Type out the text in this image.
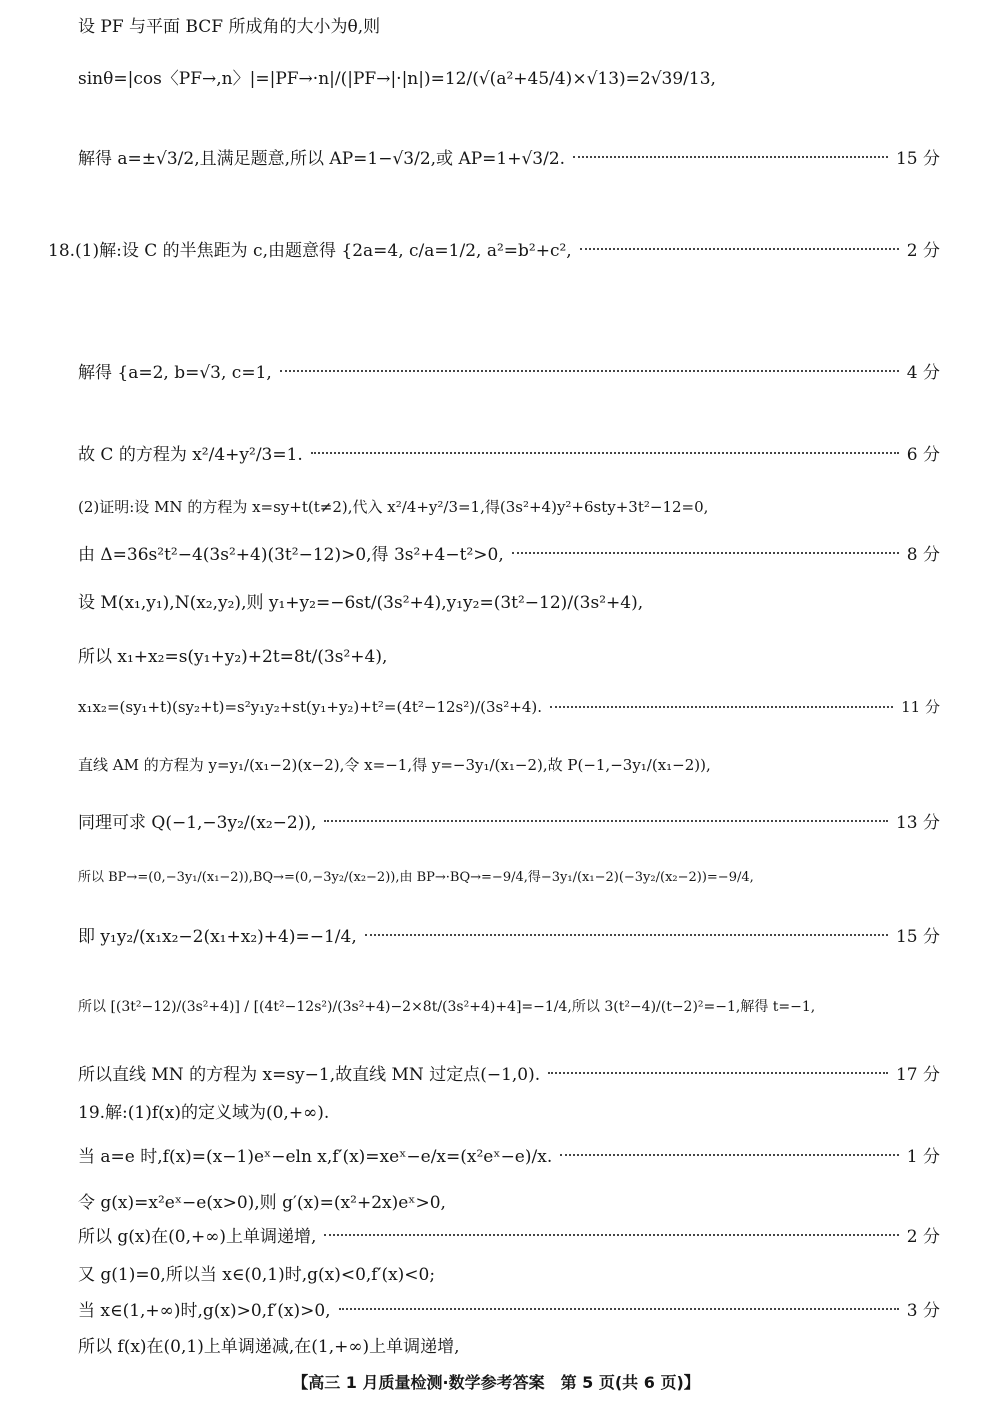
设 PF 与平面 BCF 所成角的大小为θ,则
sinθ=|cos〈PF→,n〉|=|PF→·n|/(|PF→|·|n|)=12/(√(a²+45/4)×√13)=2√39/13,
解得 a=±√3/2,且满足题意,所以 AP=1−√3/2,或 AP=1+√3/2.	15 分
18.(1)解:设 C 的半焦距为 c,由题意得 {2a=4, c/a=1/2, a²=b²+c²,	2 分
解得 {a=2, b=√3, c=1,	4 分
故 C 的方程为 x²/4+y²/3=1.	6 分
(2)证明:设 MN 的方程为 x=sy+t(t≠2),代入 x²/4+y²/3=1,得(3s²+4)y²+6sty+3t²−12=0,
由 Δ=36s²t²−4(3s²+4)(3t²−12)>0,得 3s²+4−t²>0,	8 分
设 M(x₁,y₁),N(x₂,y₂),则 y₁+y₂=−6st/(3s²+4),y₁y₂=(3t²−12)/(3s²+4),
所以 x₁+x₂=s(y₁+y₂)+2t=8t/(3s²+4),
x₁x₂=(sy₁+t)(sy₂+t)=s²y₁y₂+st(y₁+y₂)+t²=(4t²−12s²)/(3s²+4).	11 分
直线 AM 的方程为 y=y₁/(x₁−2)(x−2),令 x=−1,得 y=−3y₁/(x₁−2),故 P(−1,−3y₁/(x₁−2)),
同理可求 Q(−1,−3y₂/(x₂−2)),	13 分
所以 BP→=(0,−3y₁/(x₁−2)),BQ→=(0,−3y₂/(x₂−2)),由 BP→·BQ→=−9/4,得−3y₁/(x₁−2)(−3y₂/(x₂−2))=−9/4,
即 y₁y₂/(x₁x₂−2(x₁+x₂)+4)=−1/4,	15 分
所以 [(3t²−12)/(3s²+4)] / [(4t²−12s²)/(3s²+4)−2×8t/(3s²+4)+4]=−1/4,所以 3(t²−4)/(t−2)²=−1,解得 t=−1,
所以直线 MN 的方程为 x=sy−1,故直线 MN 过定点(−1,0).	17 分
19.解:(1)f(x)的定义域为(0,+∞).
当 a=e 时,f(x)=(x−1)eˣ−eln x,f′(x)=xeˣ−e/x=(x²eˣ−e)/x.	1 分
令 g(x)=x²eˣ−e(x>0),则 g′(x)=(x²+2x)eˣ>0,
所以 g(x)在(0,+∞)上单调递增,	2 分
又 g(1)=0,所以当 x∈(0,1)时,g(x)<0,f′(x)<0;
当 x∈(1,+∞)时,g(x)>0,f′(x)>0,	3 分
所以 f(x)在(0,1)上单调递减,在(1,+∞)上单调递增,
【高三 1 月质量检测·数学参考答案　第 5 页(共 6 页)】
